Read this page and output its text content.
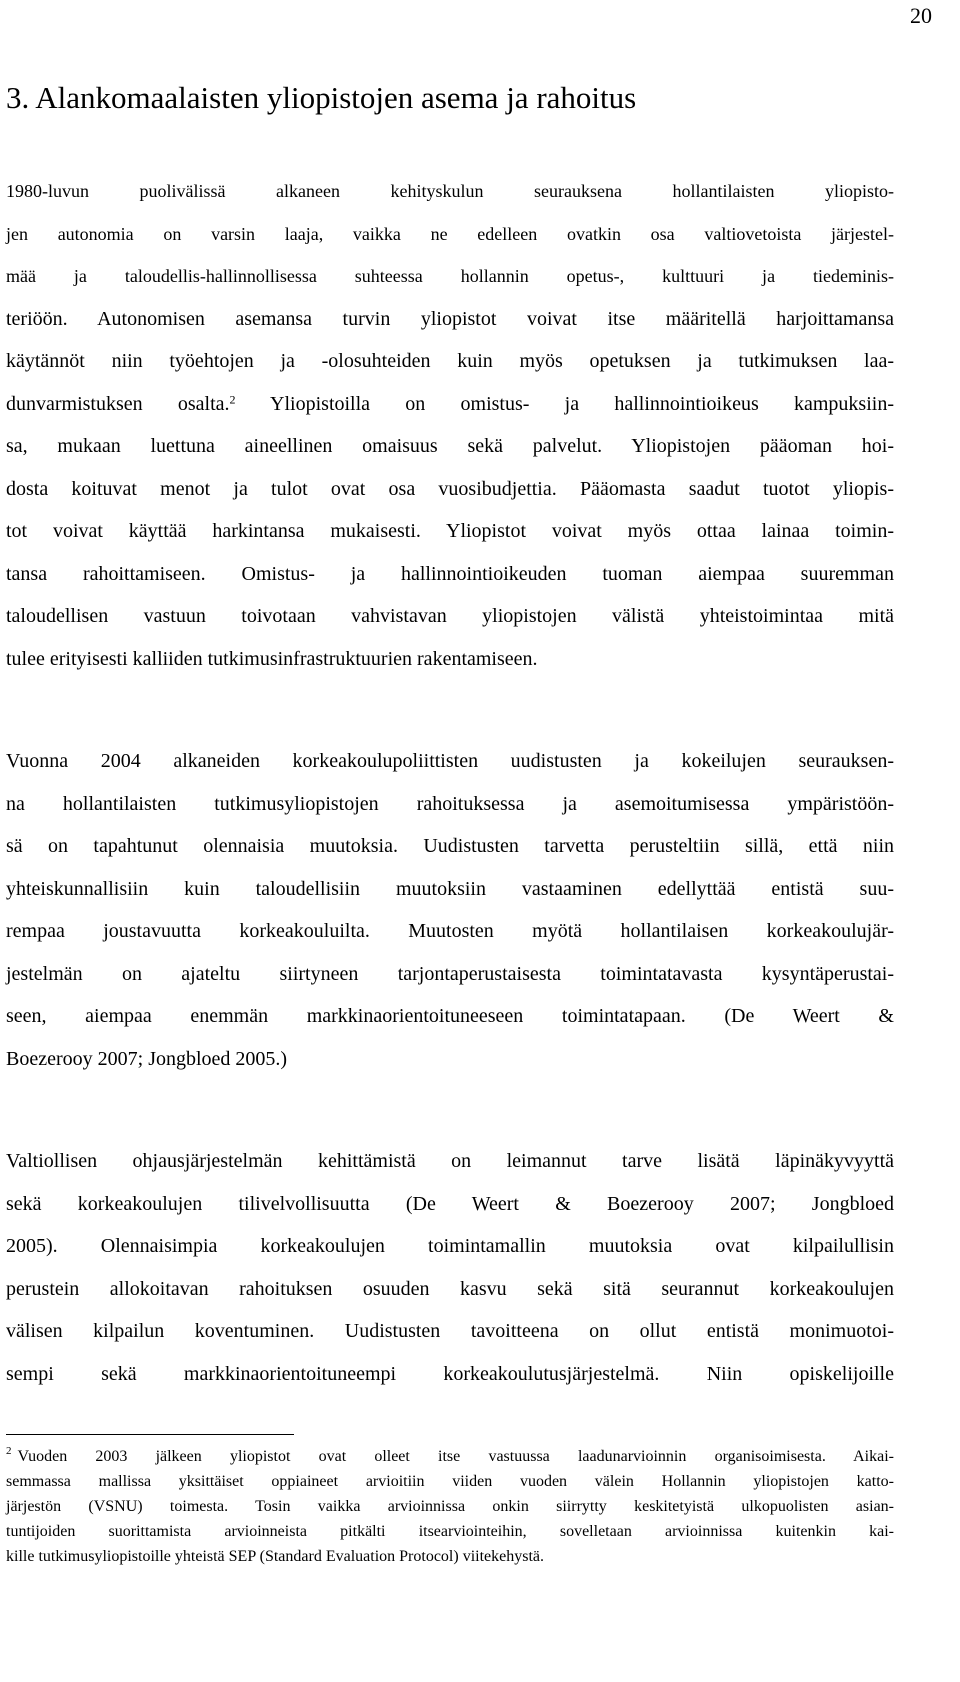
20
3. Alankomaalaisten yliopistojen asema ja rahoitus
1980-luvun puolivälissä alkaneen kehityskulun seurauksena hollantilaisten yliopisto-
jen autonomia on varsin laaja, vaikka ne edelleen ovatkin osa valtiovetoista järjestel-
mää ja taloudellis-hallinnollisessa suhteessa hollannin opetus-, kulttuuri ja tiedeminis-
teriöön. Autonomisen asemansa turvin yliopistot voivat itse määritellä harjoittamansa
käytännöt niin työehtojen ja -olosuhteiden kuin myös opetuksen ja tutkimuksen laa-
dunvarmistuksen osalta.$^2$ Yliopistoilla on omistus- ja hallinnointioikeus kampuksiin-
sa, mukaan luettuna aineellinen omaisuus sekä palvelut. Yliopistojen pääoman hoi-
dosta koituvat menot ja tulot ovat osa vuosibudjettia. Pääomasta saadut tuotot yliopis-
tot voivat käyttää harkintansa mukaisesti. Yliopistot voivat myös ottaa lainaa toimin-
tansa rahoittamiseen. Omistus- ja hallinnointioikeuden tuoman aiempaa suuremman
taloudellisen vastuun toivotaan vahvistavan yliopistojen välistä yhteistoimintaa mitä
tulee erityisesti kalliiden tutkimusinfrastruktuurien rakentamiseen.
Vuonna 2004 alkaneiden korkeakoulupoliittisten uudistusten ja kokeilujen seurauksen-
na hollantilaisten tutkimusyliopistojen rahoituksessa ja asemoitumisessa ympäristöön-
sä on tapahtunut olennaisia muutoksia. Uudistusten tarvetta perusteltiin sillä, että niin
yhteiskunnallisiin kuin taloudellisiin muutoksiin vastaaminen edellyttää entistä suu-
rempaa joustavuutta korkeakouluilta. Muutosten myötä hollantilaisen korkeakoulujär-
jestelmän on ajateltu siirtyneen tarjontaperustaisesta toimintatavasta kysyntäperustai-
seen, aiempaa enemmän markkinaorientoituneeseen toimintatapaan. (De Weert &
Boezerooy 2007; Jongbloed 2005.)
Valtiollisen ohjausjärjestelmän kehittämistä on leimannut tarve lisätä läpinäkyvyyttä
sekä korkeakoulujen tilivelvollisuutta (De Weert & Boezerooy 2007; Jongbloed
2005). Olennaisimpia korkeakoulujen toimintamallin muutoksia ovat kilpailullisin
perustein allokoitavan rahoituksen osuuden kasvu sekä sitä seurannut korkeakoulujen
välisen kilpailun koventuminen. Uudistusten tavoitteena on ollut entistä monimuotoi-
sempi sekä markkinaorientoituneempi korkeakoulutusjärjestelmä. Niin opiskelijoille
$^2$ Vuoden 2003 jälkeen yliopistot ovat olleet itse vastuussa laadunarvioinnin organisoimisesta. Aikai-
semmassa mallissa yksittäiset oppiaineet arvioitiin viiden vuoden välein Hollannin yliopistojen katto-
järjestön (VSNU) toimesta. Tosin vaikka arvioinnissa onkin siirrytty keskitetyistä ulkopuolisten asian-
tuntijoiden suorittamista arvioinneista pitkälti itsearviointeihin, sovelletaan arvioinnissa kuitenkin kai-
kille tutkimusyliopistoille yhteistä SEP (Standard Evaluation Protocol) viitekehystä.
